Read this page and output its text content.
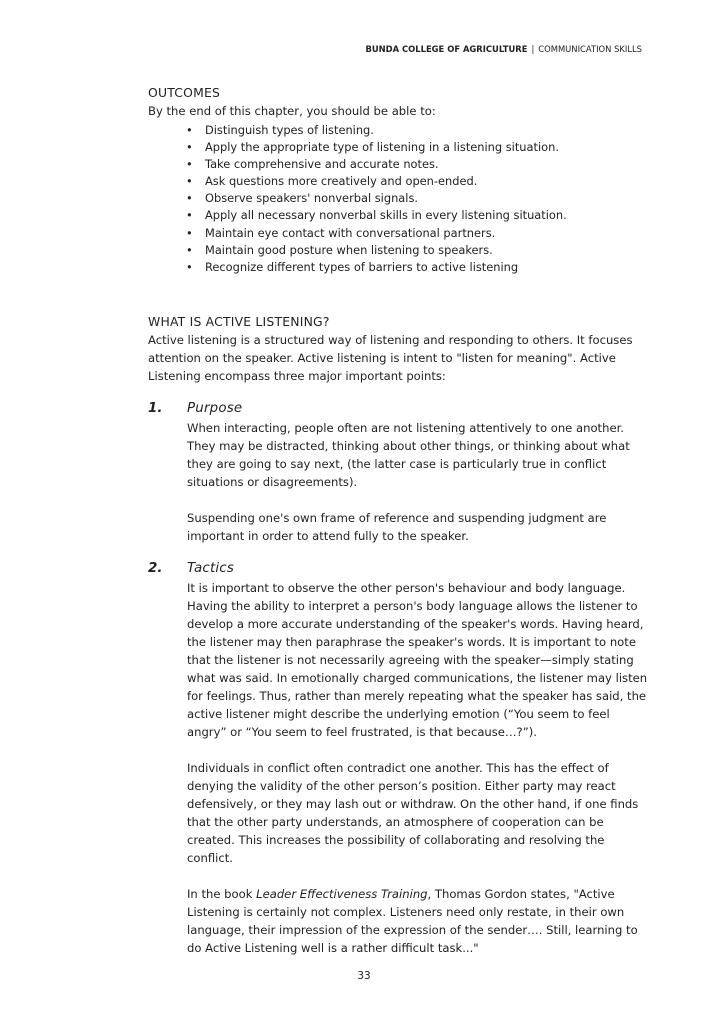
BUNDA COLLEGE OF AGRICULTURE | COMMUNICATION SKILLS
OUTCOMES

By the end of this chapter, you should be able to:

• Distinguish types of listening.
• Apply the appropriate type of listening in a listening situation.
• Take comprehensive and accurate notes.
• Ask questions more creatively and open-ended.
• Observe speakers' nonverbal signals.
• Apply all necessary nonverbal skills in every listening situation.
• Maintain eye contact with conversational partners.
• Maintain good posture when listening to speakers.
• Recognize different types of barriers to active listening
WHAT IS ACTIVE LISTENING?

Active listening is a structured way of listening and responding to others. It focuses attention on the speaker. Active listening is intent to "listen for meaning". Active Listening encompass three major important points:

1.	Purpose

When interacting, people often are not listening attentively to one another. They may be distracted, thinking about other things, or thinking about what they are going to say next, (the latter case is particularly true in conflict situations or disagreements).

Suspending one's own frame of reference and suspending judgment are important in order to attend fully to the speaker.

2.	Tactics

It is important to observe the other person's behaviour and body language. Having the ability to interpret a person's body language allows the listener to develop a more accurate understanding of the speaker's words. Having heard, the listener may then paraphrase the speaker's words. It is important to note that the listener is not necessarily agreeing with the speaker—simply stating what was said. In emotionally charged communications, the listener may listen for feelings. Thus, rather than merely repeating what the speaker has said, the active listener might describe the underlying emotion (“You seem to feel angry” or “You seem to feel frustrated, is that because…?”).

Individuals in conflict often contradict one another. This has the effect of denying the validity of the other person’s position. Either party may react defensively, or they may lash out or withdraw. On the other hand, if one finds that the other party understands, an atmosphere of cooperation can be created. This increases the possibility of collaborating and resolving the conflict.

In the book Leader Effectiveness Training, Thomas Gordon states, "Active Listening is certainly not complex. Listeners need only restate, in their own language, their impression of the expression of the sender…. Still, learning to do Active Listening well is a rather difficult task..."

33
